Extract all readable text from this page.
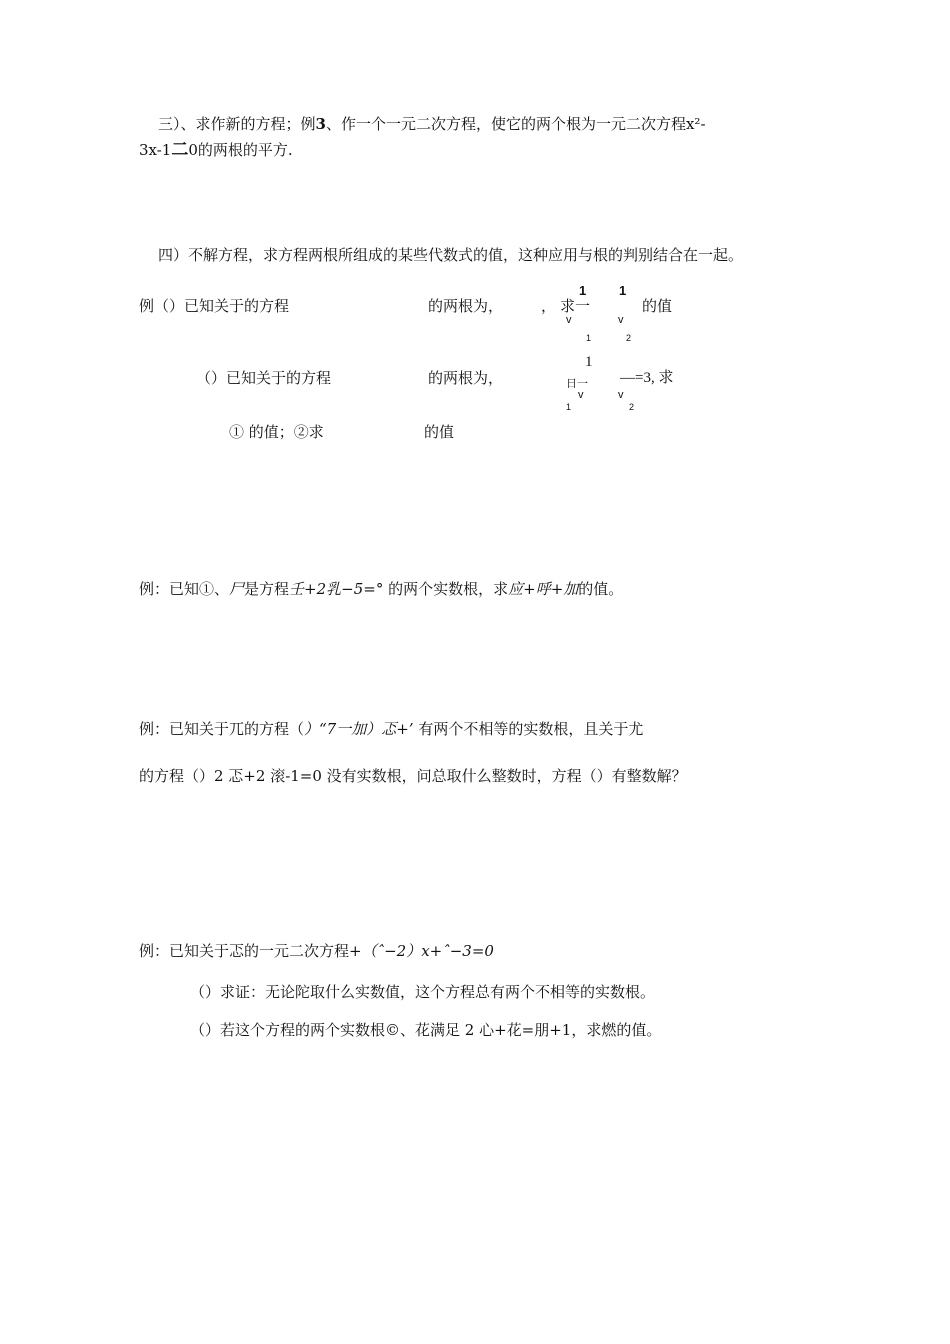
三）、求作新的方程；例3、作一个一元二次方程，使它的两个根为一元二次方程x²-
3x-1二0的两根的平方.
四）不解方程，求方程两根所组成的某些代数式的值，这种应用与根的判别结合在一起。
例（）已知关于的方程	的两根为，	， 求一
1	1
v	v
1	2
的值
（）已知关于的方程	的两根为，
1
日一 —=3, 求
v	v
1	2
① 的值；②求	的值
例：已知①、尸是方程壬+2乳−5=° 的两个实数根，求应+呼+加的值。
例：已知关于兀的方程（）“7一加）忑+’ 有两个不相等的实数根，且关于尤
的方程（）2 忑+2 滚-1=0 没有实数根，问总取什么整数时，方程（）有整数解？
例：已知关于忑的一元二次方程+（ˆ−2）x+ˆ−3=0
（）求证：无论陀取什么实数值，这个方程总有两个不相等的实数根。
（）若这个方程的两个实数根©、花满足 2 心+花=朋+1，求燃的值。
